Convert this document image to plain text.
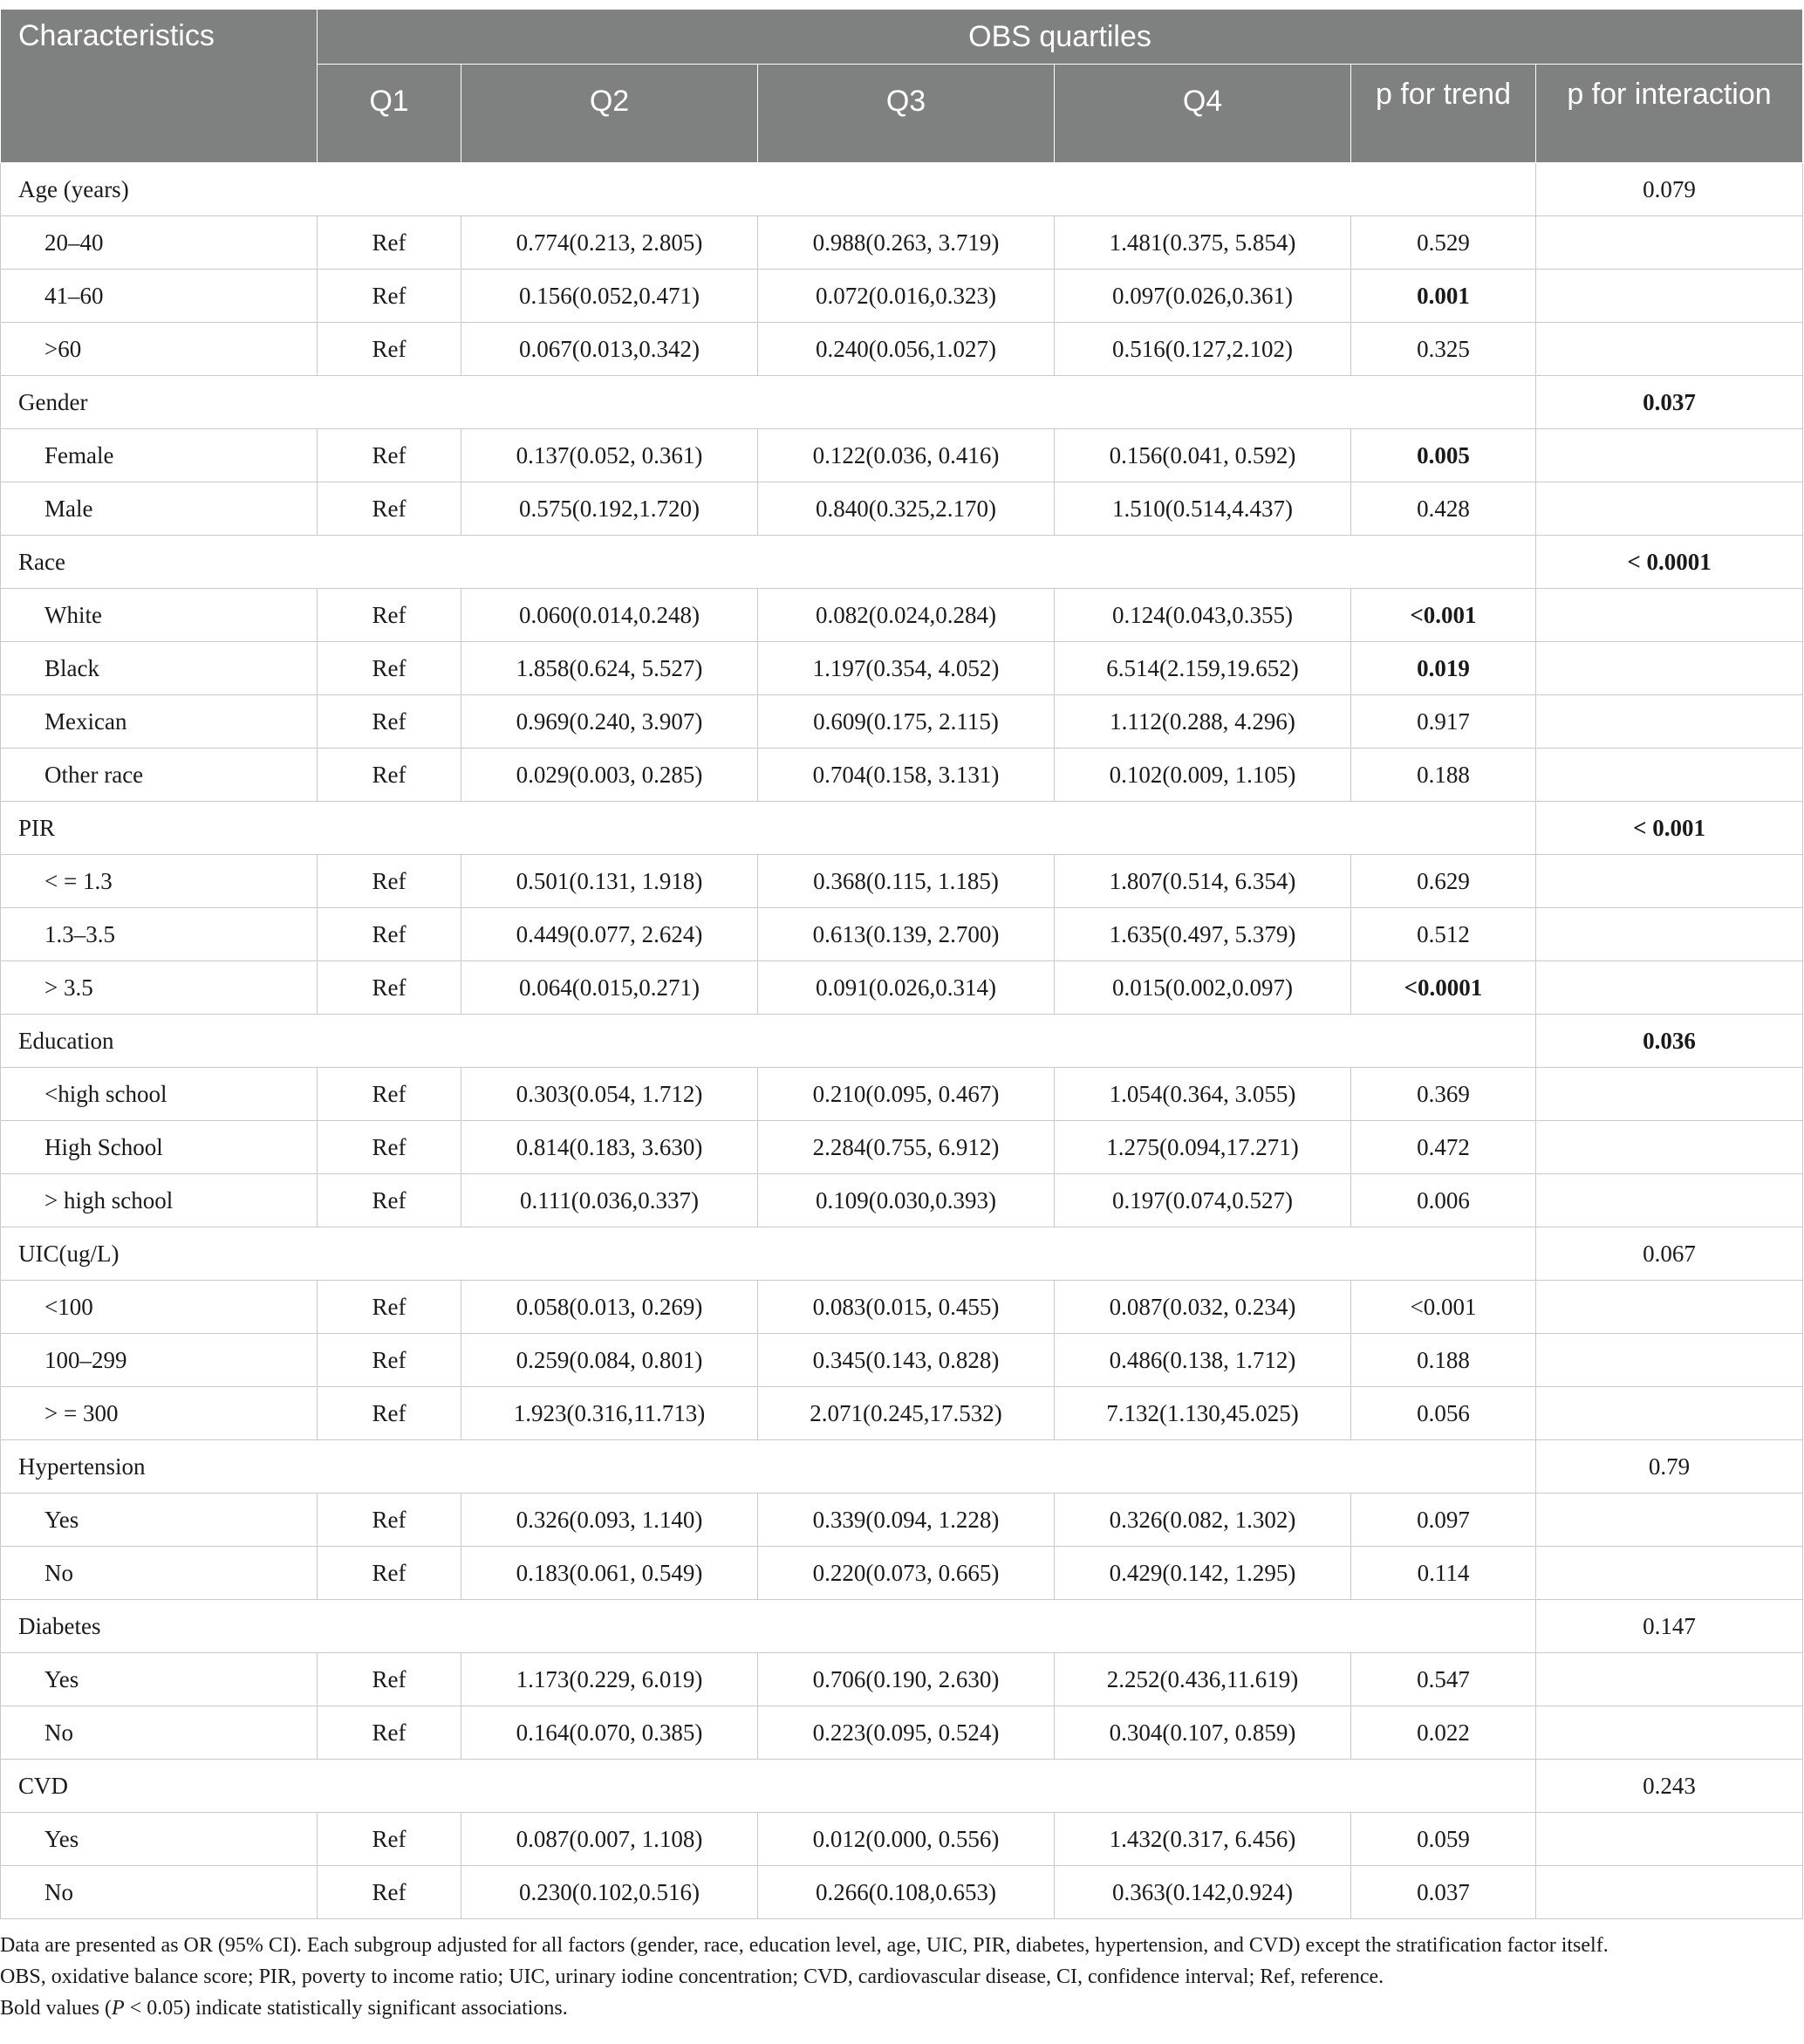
Characteristics	OBS quartiles					

	Q1	Q2	Q3	Q4	p for trend	p for interaction

Age (years)						0.079
20–40	Ref	0.774(0.213, 2.805)	0.988(0.263, 3.719)	1.481(0.375, 5.854)	0.529	
41–60	Ref	0.156(0.052,0.471)	0.072(0.016,0.323)	0.097(0.026,0.361)	0.001	
>60	Ref	0.067(0.013,0.342)	0.240(0.056,1.027)	0.516(0.127,2.102)	0.325	
Gender						0.037
Female	Ref	0.137(0.052, 0.361)	0.122(0.036, 0.416)	0.156(0.041, 0.592)	0.005	
Male	Ref	0.575(0.192,1.720)	0.840(0.325,2.170)	1.510(0.514,4.437)	0.428	
Race						< 0.0001
White	Ref	0.060(0.014,0.248)	0.082(0.024,0.284)	0.124(0.043,0.355)	<0.001	
Black	Ref	1.858(0.624, 5.527)	1.197(0.354, 4.052)	6.514(2.159,19.652)	0.019	
Mexican	Ref	0.969(0.240, 3.907)	0.609(0.175, 2.115)	1.112(0.288, 4.296)	0.917	
Other race	Ref	0.029(0.003, 0.285)	0.704(0.158, 3.131)	0.102(0.009, 1.105)	0.188	
PIR						< 0.001
< = 1.3	Ref	0.501(0.131, 1.918)	0.368(0.115, 1.185)	1.807(0.514, 6.354)	0.629	
1.3–3.5	Ref	0.449(0.077, 2.624)	0.613(0.139, 2.700)	1.635(0.497, 5.379)	0.512	
> 3.5	Ref	0.064(0.015,0.271)	0.091(0.026,0.314)	0.015(0.002,0.097)	<0.0001	
Education						0.036
<high school	Ref	0.303(0.054, 1.712)	0.210(0.095, 0.467)	1.054(0.364, 3.055)	0.369	
High School	Ref	0.814(0.183, 3.630)	2.284(0.755, 6.912)	1.275(0.094,17.271)	0.472	
> high school	Ref	0.111(0.036,0.337)	0.109(0.030,0.393)	0.197(0.074,0.527)	0.006	
UIC(ug/L)						0.067
<100	Ref	0.058(0.013, 0.269)	0.083(0.015, 0.455)	0.087(0.032, 0.234)	<0.001	
100–299	Ref	0.259(0.084, 0.801)	0.345(0.143, 0.828)	0.486(0.138, 1.712)	0.188	
> = 300	Ref	1.923(0.316,11.713)	2.071(0.245,17.532)	7.132(1.130,45.025)	0.056	
Hypertension						0.79
Yes	Ref	0.326(0.093, 1.140)	0.339(0.094, 1.228)	0.326(0.082, 1.302)	0.097	
No	Ref	0.183(0.061, 0.549)	0.220(0.073, 0.665)	0.429(0.142, 1.295)	0.114	
Diabetes						0.147
Yes	Ref	1.173(0.229, 6.019)	0.706(0.190, 2.630)	2.252(0.436,11.619)	0.547	
No	Ref	0.164(0.070, 0.385)	0.223(0.095, 0.524)	0.304(0.107, 0.859)	0.022	
CVD						0.243
Yes	Ref	0.087(0.007, 1.108)	0.012(0.000, 0.556)	1.432(0.317, 6.456)	0.059	
No	Ref	0.230(0.102,0.516)	0.266(0.108,0.653)	0.363(0.142,0.924)	0.037	

Data are presented as OR (95% CI). Each subgroup adjusted for all factors (gender, race, education level, age, UIC, PIR, diabetes, hypertension, and CVD) except the stratification factor itself.

OBS, oxidative balance score; PIR, poverty to income ratio; UIC, urinary iodine concentration; CVD, cardiovascular disease, CI, confidence interval; Ref, reference.

Bold values (P < 0.05) indicate statistically significant associations.
